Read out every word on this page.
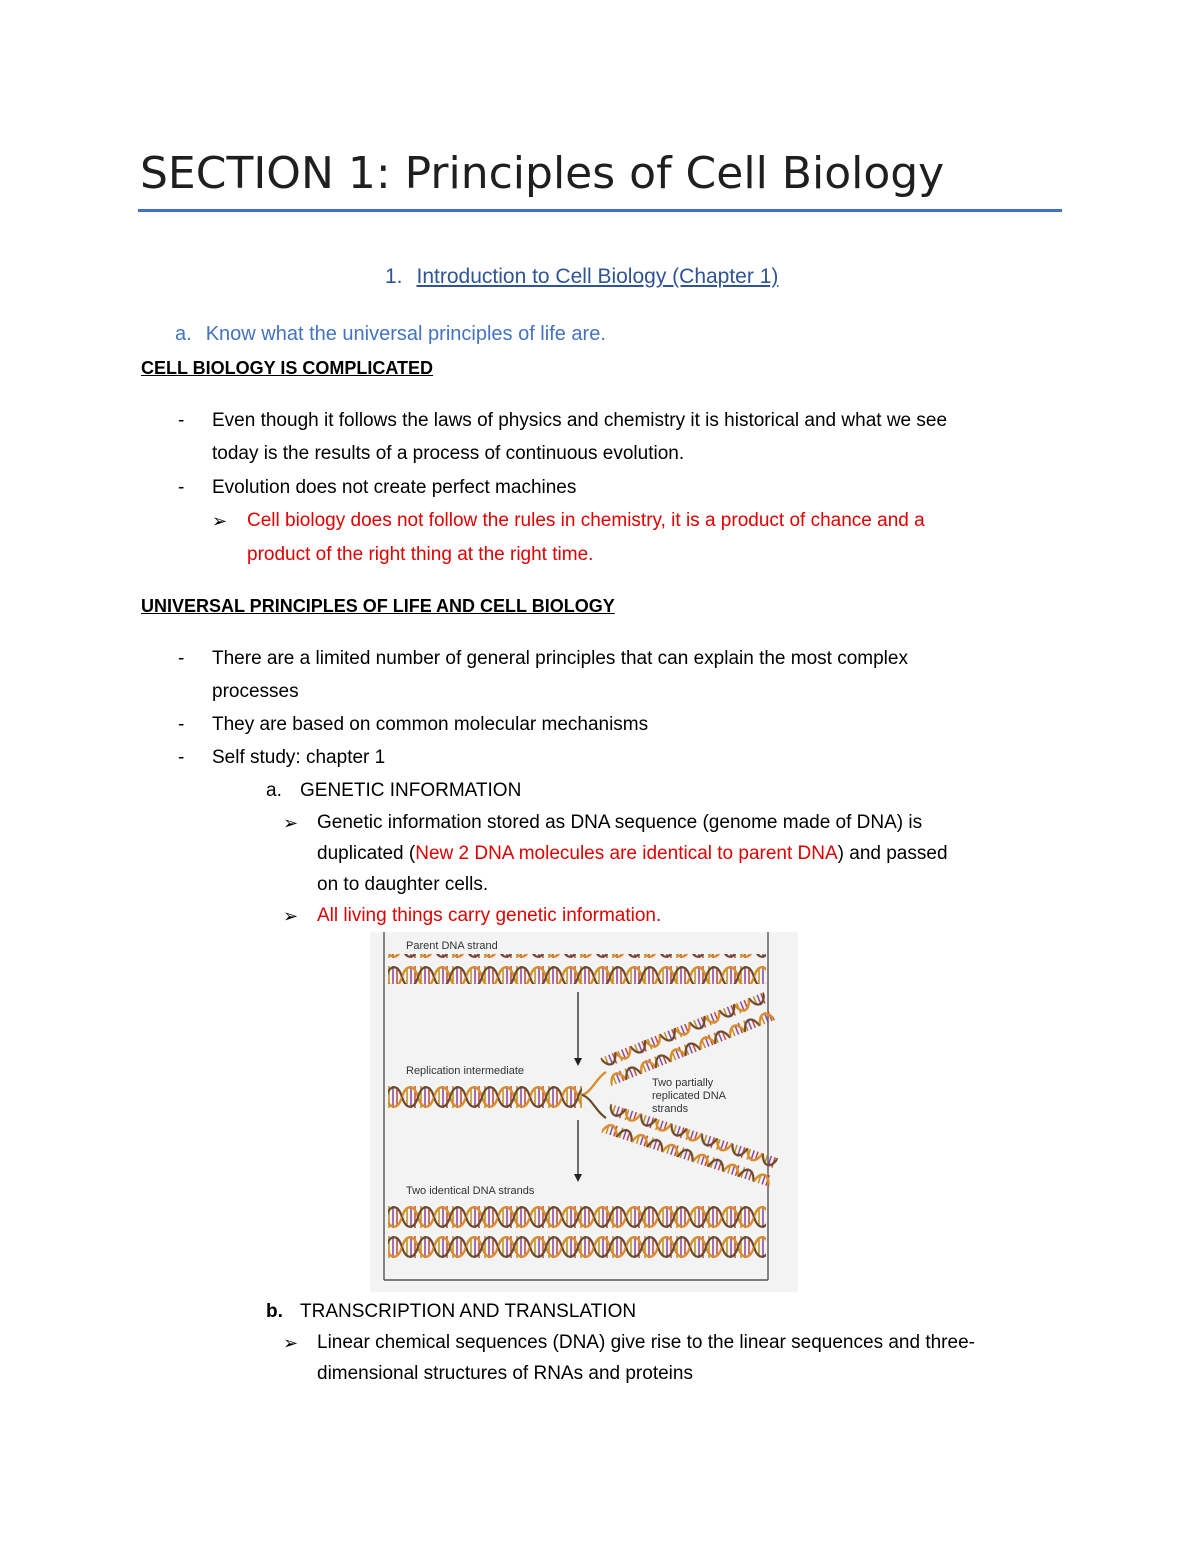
SECTION 1: Principles of Cell Biology
1. Introduction to Cell Biology (Chapter 1)
a. Know what the universal principles of life are.
CELL BIOLOGY IS COMPLICATED
- Even though it follows the laws of physics and chemistry it is historical and what we see
today is the results of a process of continuous evolution.
- Evolution does not create perfect machines
➢ Cell biology does not follow the rules in chemistry, it is a product of chance and a
product of the right thing at the right time.
UNIVERSAL PRINCIPLES OF LIFE AND CELL BIOLOGY
- There are a limited number of general principles that can explain the most complex
processes
- They are based on common molecular mechanisms
- Self study: chapter 1
a. GENETIC INFORMATION
➢ Genetic information stored as DNA sequence (genome made of DNA) is
duplicated (New 2 DNA molecules are identical to parent DNA) and passed
on to daughter cells.
➢ All living things carry genetic information.
Parent DNA strand
Replication intermediate
Two partially
replicated DNA
strands
Two identical DNA strands
b. TRANSCRIPTION AND TRANSLATION
➢ Linear chemical sequences (DNA) give rise to the linear sequences and three-
dimensional structures of RNAs and proteins
